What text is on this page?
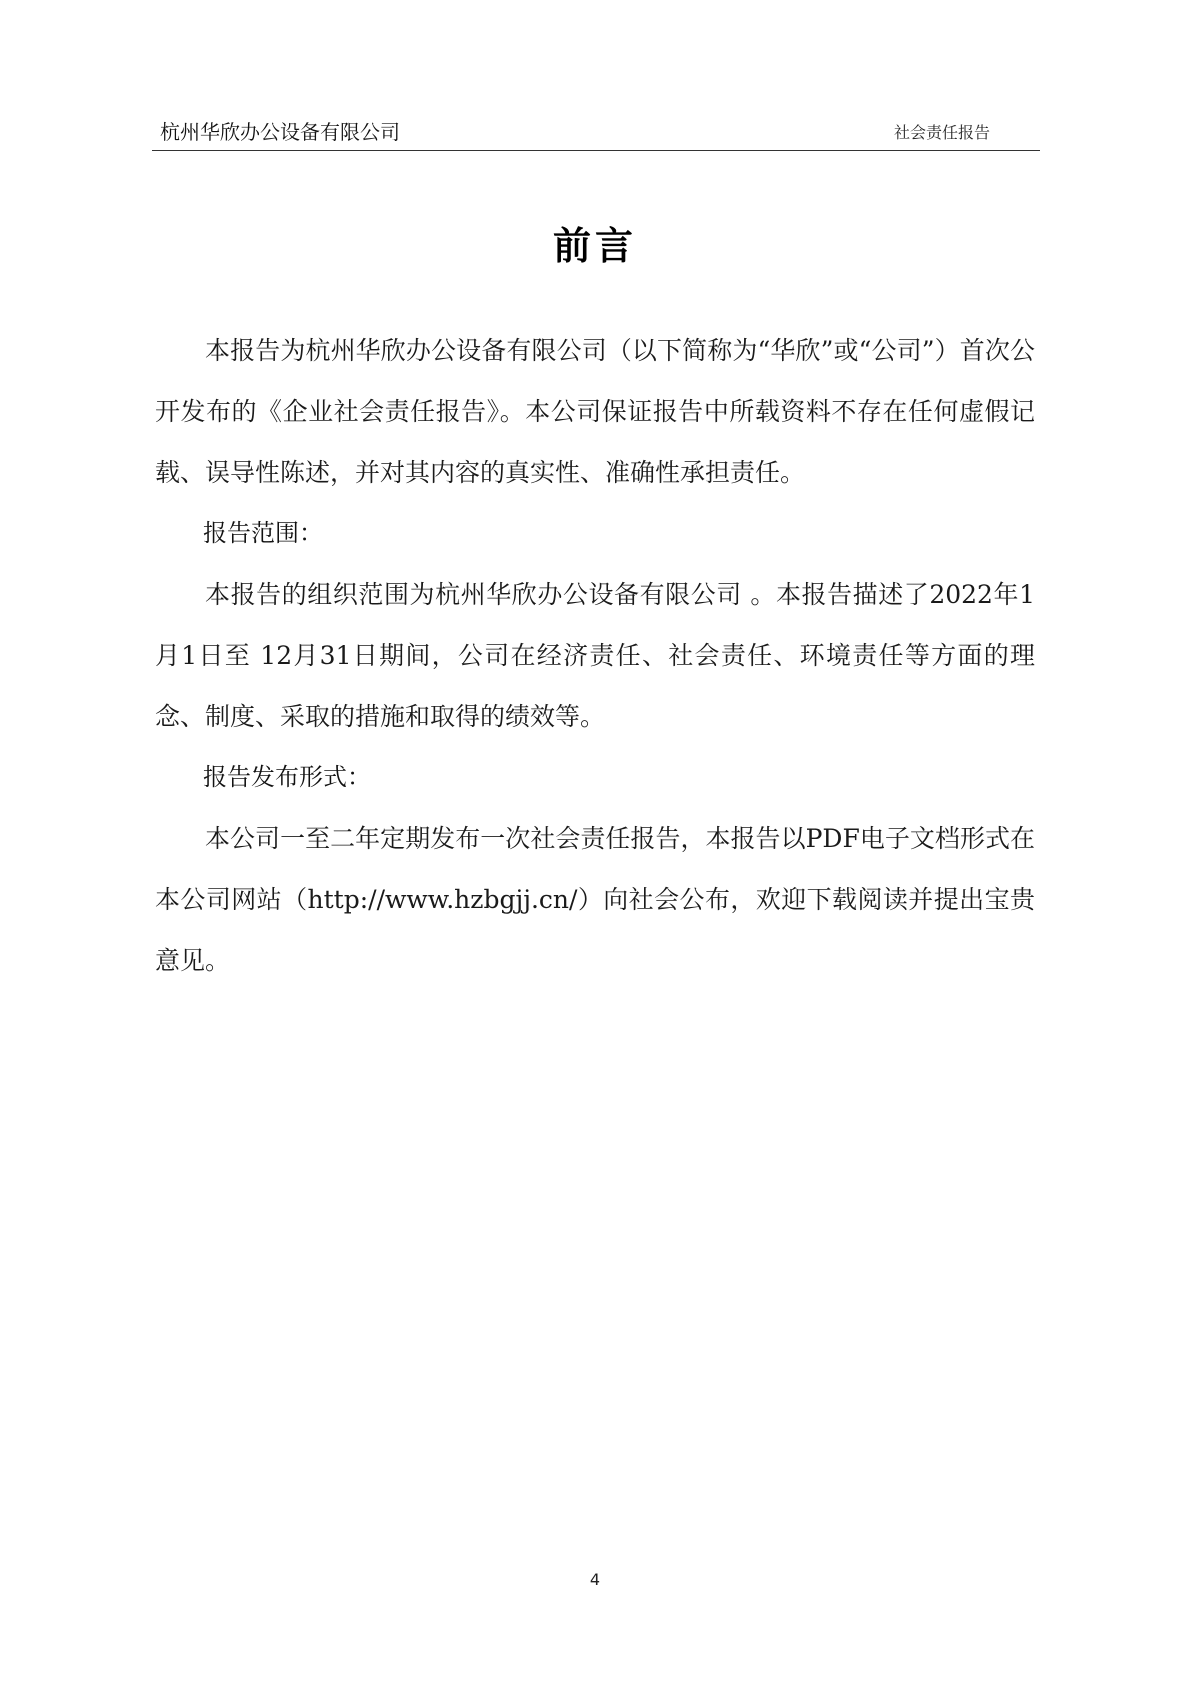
杭州华欣办公设备有限公司	社会责任报告
前言

本报告为杭州华欣办公设备有限公司（以下简称为“华欣”或“公司”）首次公开发布的《企业社会责任报告》。本公司保证报告中所载资料不存在任何虚假记载、误导性陈述，并对其内容的真实性、准确性承担责任。

报告范围：

本报告的组织范围为杭州华欣办公设备有限公司 。本报告描述了2022年1月1日至 12月31日期间，公司在经济责任、社会责任、环境责任等方面的理念、制度、采取的措施和取得的绩效等。

报告发布形式：

本公司一至二年定期发布一次社会责任报告，本报告以PDF电子文档形式在本公司网站（http://www.hzbgjj.cn/）向社会公布，欢迎下载阅读并提出宝贵意见。

4
